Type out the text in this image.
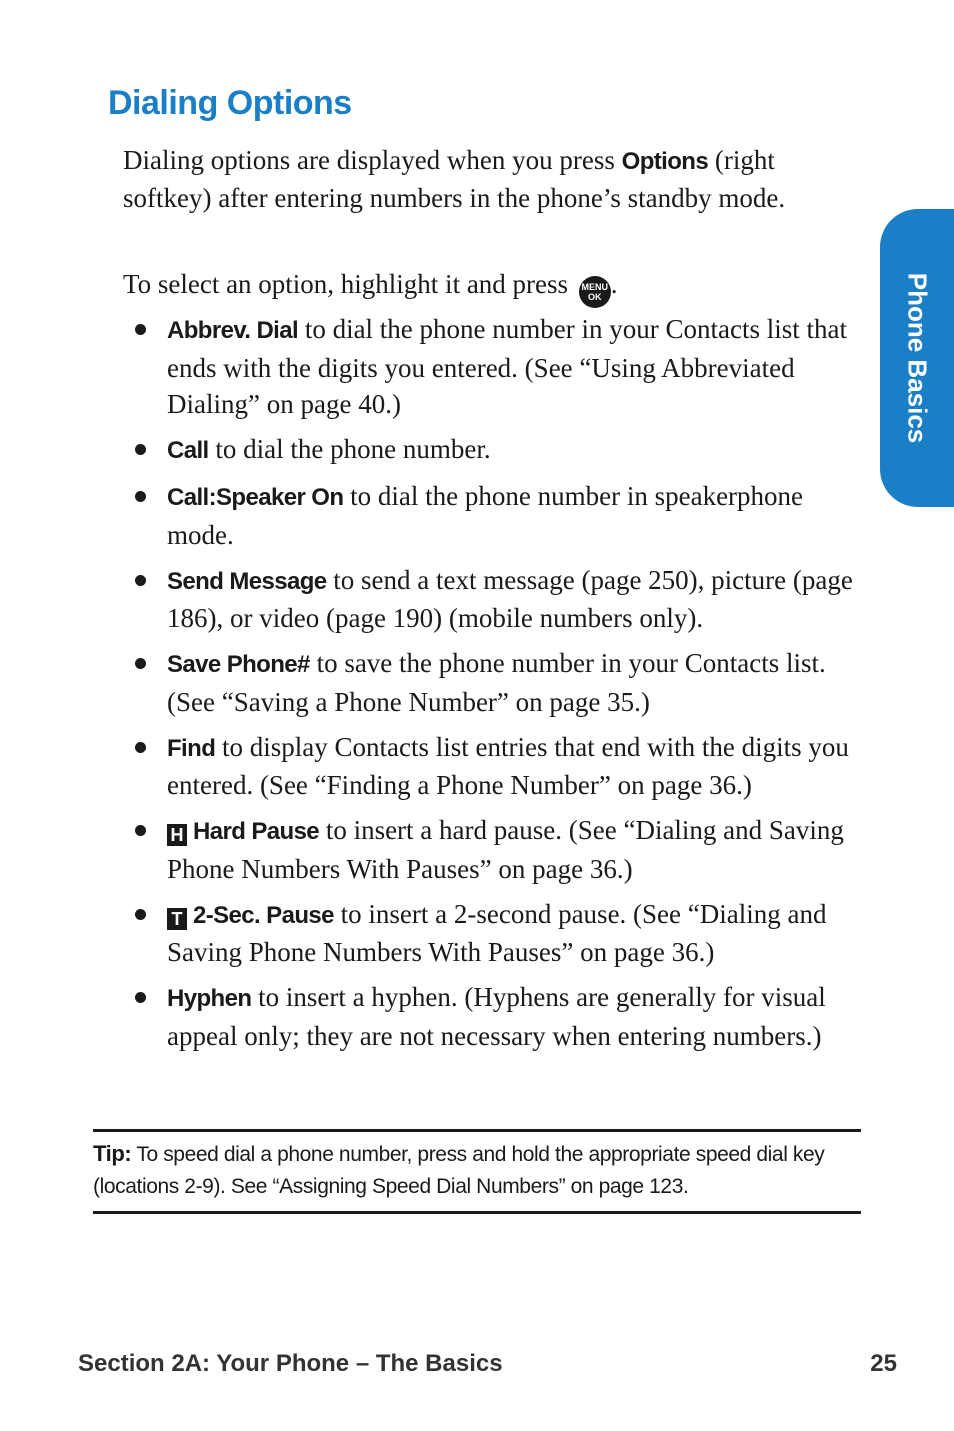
Dialing Options

Dialing options are displayed when you press Options (right softkey) after entering numbers in the phone’s standby mode.

To select an option, highlight it and press MENU
OK .

Abbrev. Dial to dial the phone number in your Contacts list that ends with the digits you entered. (See “Using Abbreviated Dialing” on page 40.)
Call to dial the phone number.
Call:Speaker On to dial the phone number in speakerphone mode.
Send Message to send a text message (page 250), picture (page 186), or video (page 190) (mobile numbers only).
Save Phone# to save the phone number in your Contacts list. (See “Saving a Phone Number” on page 35.)
Find to display Contacts list entries that end with the digits you entered. (See “Finding a Phone Number” on page 36.)
H Hard Pause to insert a hard pause. (See “Dialing and Saving Phone Numbers With Pauses” on page 36.)
T 2-Sec. Pause to insert a 2-second pause. (See “Dialing and Saving Phone Numbers With Pauses” on page 36.)
Hyphen to insert a hyphen. (Hyphens are generally for visual appeal only; they are not necessary when entering numbers.)
Tip: To speed dial a phone number, press and hold the appropriate speed dial key (locations 2-9). See “Assigning Speed Dial Numbers” on page 123.
Phone Basics
Section 2A: Your Phone – The Basics	25
